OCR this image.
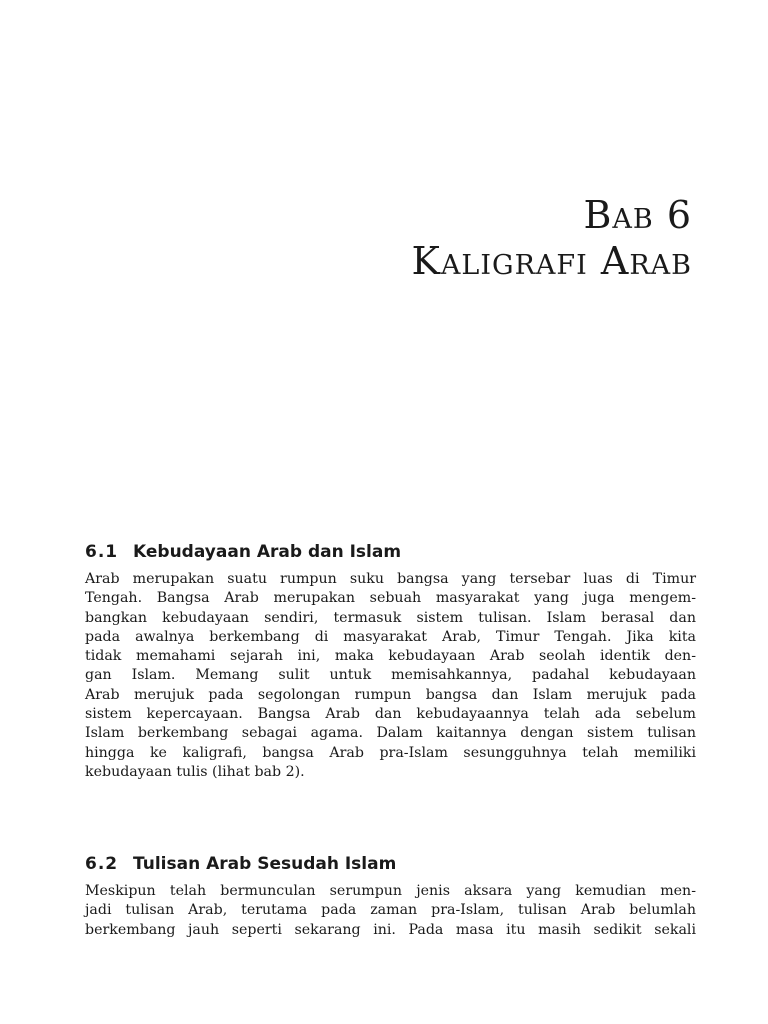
Bab 6
Kaligrafi Arab
6.1 Kebudayaan Arab dan Islam
Arab merupakan suatu rumpun suku bangsa yang tersebar luas di Timur
Tengah. Bangsa Arab merupakan sebuah masyarakat yang juga mengem-
bangkan kebudayaan sendiri, termasuk sistem tulisan. Islam berasal dan
pada awalnya berkembang di masyarakat Arab, Timur Tengah. Jika kita
tidak memahami sejarah ini, maka kebudayaan Arab seolah identik den-
gan Islam. Memang sulit untuk memisahkannya, padahal kebudayaan
Arab merujuk pada segolongan rumpun bangsa dan Islam merujuk pada
sistem kepercayaan. Bangsa Arab dan kebudayaannya telah ada sebelum
Islam berkembang sebagai agama. Dalam kaitannya dengan sistem tulisan
hingga ke kaligrafi, bangsa Arab pra-Islam sesungguhnya telah memiliki
kebudayaan tulis (lihat bab 2).
6.2 Tulisan Arab Sesudah Islam
Meskipun telah bermunculan serumpun jenis aksara yang kemudian men-
jadi tulisan Arab, terutama pada zaman pra-Islam, tulisan Arab belumlah
berkembang jauh seperti sekarang ini. Pada masa itu masih sedikit sekali
